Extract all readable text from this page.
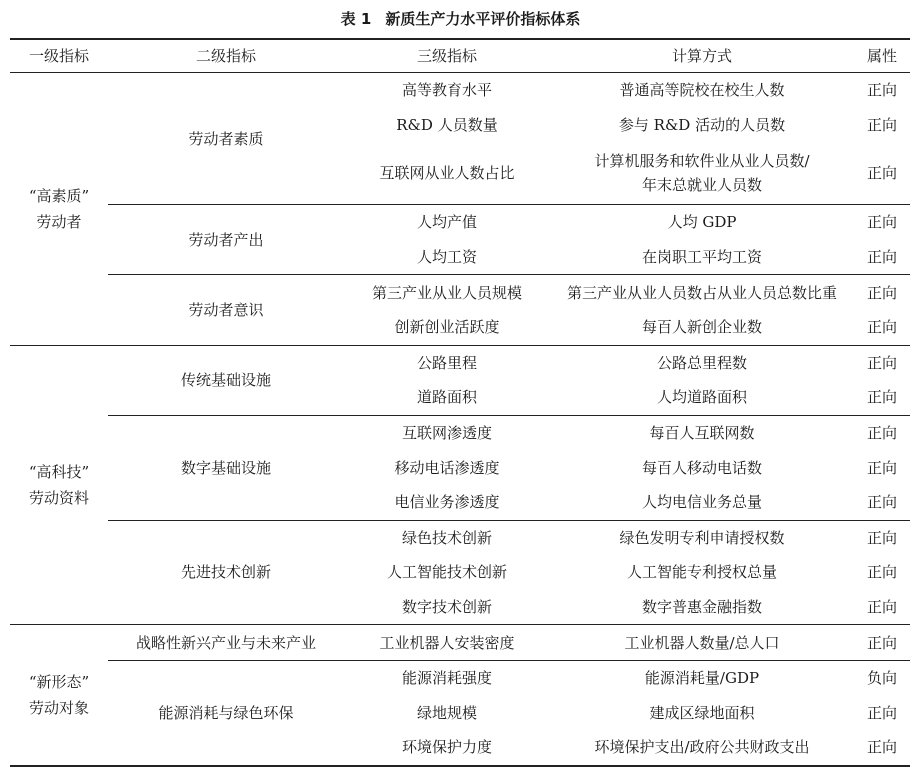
表 1 新质生产力水平评价指标体系
一级指标	二级指标	三级指标	计算方式	属性
“高素质”
劳动者	劳动者素质	高等教育水平	普通高等院校在校生人数	正向
		R&D 人员数量	参与 R&D 活动的人员数	正向
		互联网从业人数占比	计算机服务和软件业从业人员数/
年末总就业人员数	正向
	劳动者产出	人均产值	人均 GDP	正向
		人均工资	在岗职工平均工资	正向
	劳动者意识	第三产业从业人员规模	第三产业从业人员数占从业人员总数比重	正向
		创新创业活跃度	每百人新创企业数	正向
“高科技”
劳动资料	传统基础设施	公路里程	公路总里程数	正向
		道路面积	人均道路面积	正向
	数字基础设施	互联网渗透度	每百人互联网数	正向
		移动电话渗透度	每百人移动电话数	正向
		电信业务渗透度	人均电信业务总量	正向
	先进技术创新	绿色技术创新	绿色发明专利申请授权数	正向
		人工智能技术创新	人工智能专利授权总量	正向
		数字技术创新	数字普惠金融指数	正向
“新形态”
劳动对象	战略性新兴产业与未来产业	工业机器人安装密度	工业机器人数量/总人口	正向
	能源消耗与绿色环保	能源消耗强度	能源消耗量/GDP	负向
		绿地规模	建成区绿地面积	正向
		环境保护力度	环境保护支出/政府公共财政支出	正向
